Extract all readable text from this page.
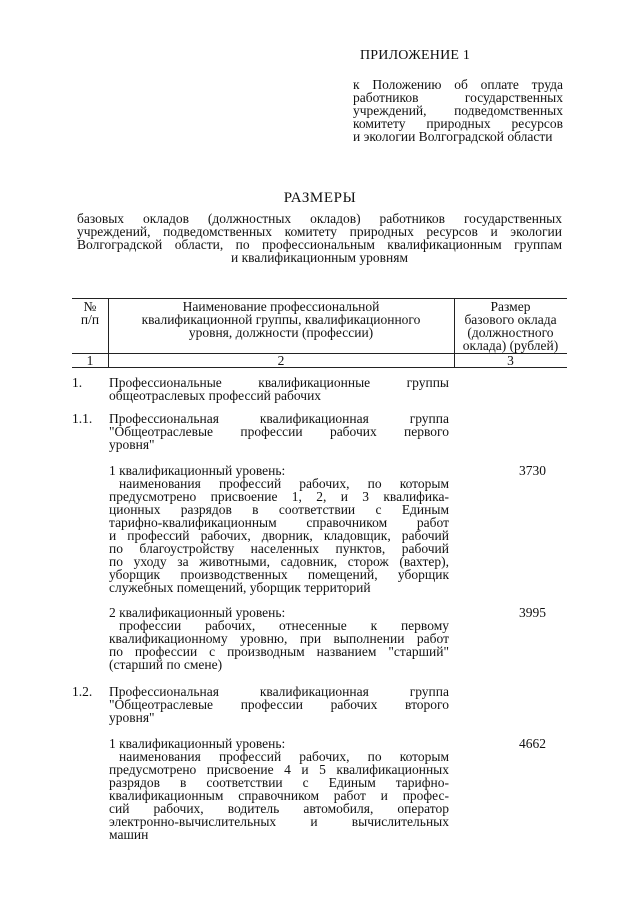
ПРИЛОЖЕНИЕ 1
к Положению об оплате труда
работников государственных
учреждений, подведомственных
комитету природных ресурсов
и экологии Волгоградской области
РАЗМЕРЫ
базовых окладов (должностных окладов) работников государственных
учреждений, подведомственных комитету природных ресурсов и экологии
Волгоградской области, по профессиональным квалификационным группам
и квалификационным уровням
№
п/п
Наименование профессиональной
квалификационной группы, квалификационного
уровня, должности (профессии)
Размер
базового оклада
(должностного
оклада) (рублей)
1	2	3
1. Профессиональные квалификационные группы
общеотраслевых профессий рабочих
1.1. Профессиональная квалификационная группа
"Общеотраслевые профессии рабочих первого
уровня"
1 квалификационный уровень:
наименования профессий рабочих, по которым
предусмотрено присвоение 1, 2, и 3 квалифика-
ционных разрядов в соответствии с Единым
тарифно-квалификационным справочником работ
и профессий рабочих, дворник, кладовщик, рабочий
по благоустройству населенных пунктов, рабочий
по уходу за животными, садовник, сторож (вахтер),
уборщик производственных помещений, уборщик
служебных помещений, уборщик территорий
3730
2 квалификационный уровень:
профессии рабочих, отнесенные к первому
квалификационному уровню, при выполнении работ
по профессии с производным названием "старший"
(старший по смене)
3995
1.2. Профессиональная квалификационная группа
"Общеотраслевые профессии рабочих второго
уровня"
1 квалификационный уровень:
наименования профессий рабочих, по которым
предусмотрено присвоение 4 и 5 квалификационных
разрядов в соответствии с Единым тарифно-
квалификационным справочником работ и профес-
сий рабочих, водитель автомобиля, оператор
электронно-вычислительных и вычислительных
машин
4662
